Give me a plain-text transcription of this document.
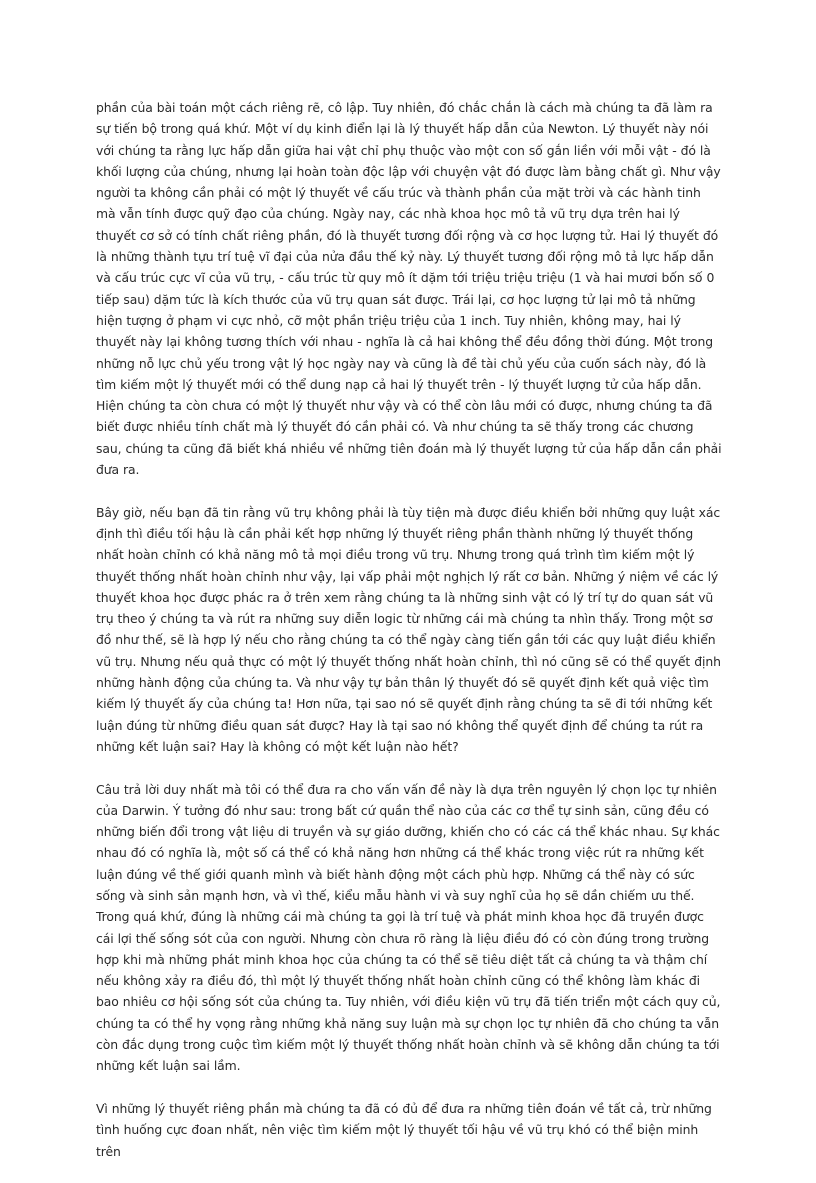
phần của bài toán một cách riêng rẽ, cô lập. Tuy nhiên, đó chắc chắn là cách mà chúng ta đã làm ra sự tiến bộ trong quá khứ. Một ví dụ kinh điển lại là lý thuyết hấp dẫn của Newton. Lý thuyết này nói với chúng ta rằng lực hấp dẫn giữa hai vật chỉ phụ thuộc vào một con số gắn liền với mỗi vật - đó là khối lượng của chúng, nhưng lại hoàn toàn độc lập với chuyện vật đó được làm bằng chất gì. Như vậy người ta không cần phải có một lý thuyết về cấu trúc và thành phần của mặt trời và các hành tinh mà vẫn tính được quỹ đạo của chúng. Ngày nay, các nhà khoa học mô tả vũ trụ dựa trên hai lý thuyết cơ sở có tính chất riêng phần, đó là thuyết tương đối rộng và cơ học lượng tử. Hai lý thuyết đó là những thành tựu trí tuệ vĩ đại của nửa đầu thế kỷ này. Lý thuyết tương đối rộng mô tả lực hấp dẫn và cấu trúc cực vĩ của vũ trụ, - cấu trúc từ quy mô ít dặm tới triệu triệu triệu (1 và hai mươi bốn số 0 tiếp sau) dặm tức là kích thước của vũ trụ quan sát được. Trái lại, cơ học lượng tử lại mô tả những hiện tượng ở phạm vi cực nhỏ, cỡ một phần triệu triệu của 1 inch. Tuy nhiên, không may, hai lý thuyết này lại không tương thích với nhau - nghĩa là cả hai không thể đều đồng thời đúng. Một trong những nỗ lực chủ yếu trong vật lý học ngày nay và cũng là đề tài chủ yếu của cuốn sách này, đó là tìm kiếm một lý thuyết mới có thể dung nạp cả hai lý thuyết trên - lý thuyết lượng tử của hấp dẫn. Hiện chúng ta còn chưa có một lý thuyết như vậy và có thể còn lâu mới có được, nhưng chúng ta đã biết được nhiều tính chất mà lý thuyết đó cần phải có. Và như chúng ta sẽ thấy trong các chương sau, chúng ta cũng đã biết khá nhiều về những tiên đoán mà lý thuyết lượng tử của hấp dẫn cần phải đưa ra.

Bây giờ, nếu bạn đã tin rằng vũ trụ không phải là tùy tiện mà được điều khiển bởi những quy luật xác định thì điều tối hậu là cần phải kết hợp những lý thuyết riêng phần thành những lý thuyết thống nhất hoàn chỉnh có khả năng mô tả mọi điều trong vũ trụ. Nhưng trong quá trình tìm kiếm một lý thuyết thống nhất hoàn chỉnh như vậy, lại vấp phải một nghịch lý rất cơ bản. Những ý niệm về các lý thuyết khoa học được phác ra ở trên xem rằng chúng ta là những sinh vật có lý trí tự do quan sát vũ trụ theo ý chúng ta và rút ra những suy diễn logic từ những cái mà chúng ta nhìn thấy. Trong một sơ đồ như thế, sẽ là hợp lý nếu cho rằng chúng ta có thể ngày càng tiến gần tới các quy luật điều khiển vũ trụ. Nhưng nếu quả thực có một lý thuyết thống nhất hoàn chỉnh, thì nó cũng sẽ có thể quyết định những hành động của chúng ta. Và như vậy tự bản thân lý thuyết đó sẽ quyết định kết quả việc tìm kiếm lý thuyết ấy của chúng ta! Hơn nữa, tại sao nó sẽ quyết định rằng chúng ta sẽ đi tới những kết luận đúng từ những điều quan sát được? Hay là tại sao nó không thể quyết định để chúng ta rút ra những kết luận sai? Hay là không có một kết luận nào hết?

Câu trả lời duy nhất mà tôi có thể đưa ra cho vấn vấn đề này là dựa trên nguyên lý chọn lọc tự nhiên của Darwin. Ý tưởng đó như sau: trong bất cứ quần thể nào của các cơ thể tự sinh sản, cũng đều có những biến đổi trong vật liệu di truyền và sự giáo dưỡng, khiến cho có các cá thể khác nhau. Sự khác nhau đó có nghĩa là, một số cá thể có khả năng hơn những cá thể khác trong việc rút ra những kết luận đúng về thế giới quanh mình và biết hành động một cách phù hợp. Những cá thể này có sức sống và sinh sản mạnh hơn, và vì thế, kiểu mẫu hành vi và suy nghĩ của họ sẽ dần chiếm ưu thế. Trong quá khứ, đúng là những cái mà chúng ta gọi là trí tuệ và phát minh khoa học đã truyền được cái lợi thế sống sót của con người. Nhưng còn chưa rõ ràng là liệu điều đó có còn đúng trong trường hợp khi mà những phát minh khoa học của chúng ta có thể sẽ tiêu diệt tất cả chúng ta và thậm chí nếu không xảy ra điều đó, thì một lý thuyết thống nhất hoàn chỉnh cũng có thể không làm khác đi bao nhiêu cơ hội sống sót của chúng ta. Tuy nhiên, với điều kiện vũ trụ đã tiến triển một cách quy củ, chúng ta có thể hy vọng rằng những khả năng suy luận mà sự chọn lọc tự nhiên đã cho chúng ta vẫn còn đắc dụng trong cuộc tìm kiếm một lý thuyết thống nhất hoàn chỉnh và sẽ không dẫn chúng ta tới những kết luận sai lầm.

Vì những lý thuyết riêng phần mà chúng ta đã có đủ để đưa ra những tiên đoán về tất cả, trừ những tình huống cực đoan nhất, nên việc tìm kiếm một lý thuyết tối hậu về vũ trụ khó có thể biện minh trên
